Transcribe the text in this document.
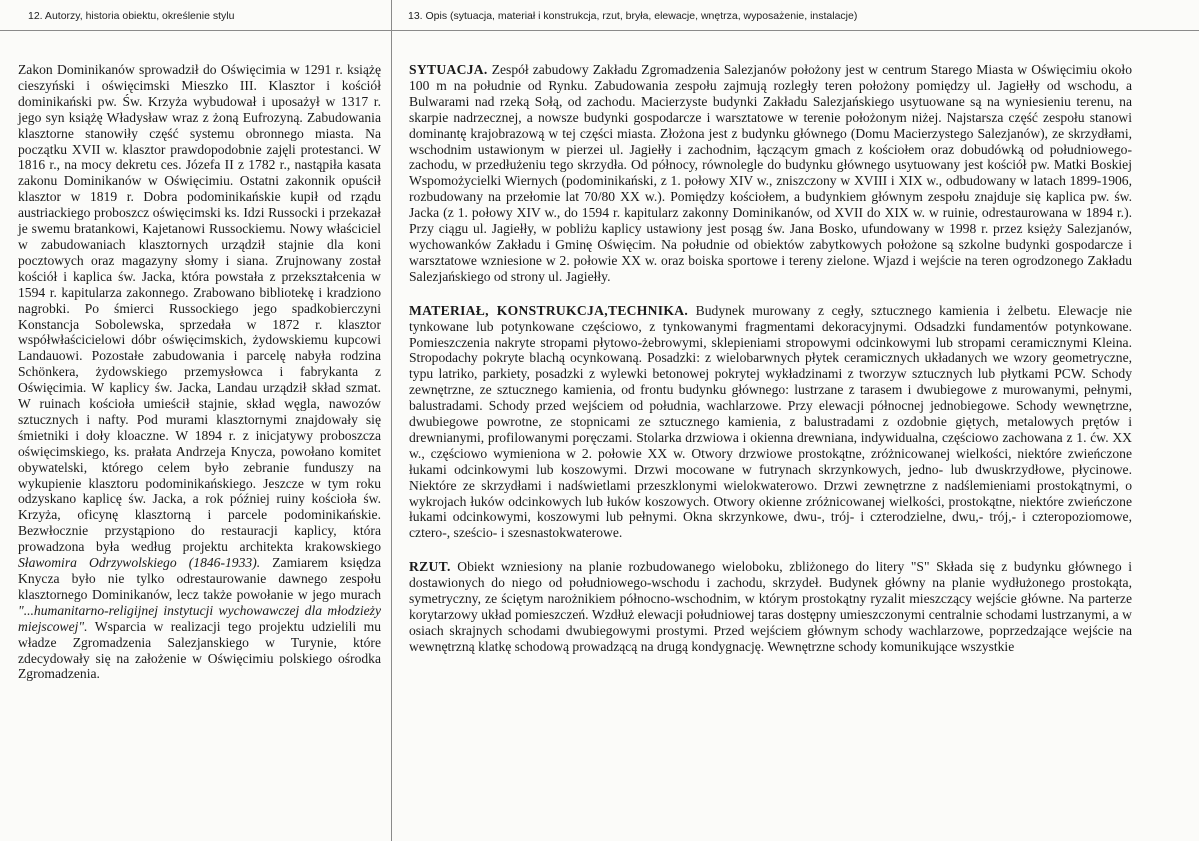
12. Autorzy, historia obiektu, określenie stylu	13. Opis (sytuacja, materiał i konstrukcja, rzut, bryła, elewacje, wnętrza, wyposażenie, instalacje)
Zakon Dominikanów sprowadził do Oświęcimia w 1291 r. książę cieszyński i oświęcimski Mieszko III. Klasztor i kościół dominikański pw. Św. Krzyża wybudował i uposażył w 1317 r. jego syn książę Władysław wraz z żoną Eufrozyną. Zabudowania klasztorne stanowiły część systemu obronnego miasta. Na początku XVII w. klasztor prawdopodobnie zajęli protestanci. W 1816 r., na mocy dekretu ces. Józefa II z 1782 r., nastąpiła kasata zakonu Dominikanów w Oświęcimiu. Ostatni zakonnik opuścił klasztor w 1819 r. Dobra podominikańskie kupił od rządu austriackiego proboszcz oświęcimski ks. Idzi Russocki i przekazał je swemu bratankowi, Kajetanowi Russockiemu. Nowy właściciel w zabudowaniach klasztornych urządził stajnie dla koni pocztowych oraz magazyny słomy i siana. Zrujnowany został kościół i kaplica św. Jacka, która powstała z przekształcenia w 1594 r. kapitularza zakonnego. Zrabowano bibliotekę i kradziono nagrobki. Po śmierci Russockiego jego spadkobierczyni Konstancja Sobolewska, sprzedała w 1872 r. klasztor współwłaścicielowi dóbr oświęcimskich, żydowskiemu kupcowi Landauowi. Pozostałe zabudowania i parcelę nabyła rodzina Schönkera, żydowskiego przemysłowca i fabrykanta z Oświęcimia. W kaplicy św. Jacka, Landau urządził skład szmat. W ruinach kościoła umieścił stajnie, skład węgla, nawozów sztucznych i nafty. Pod murami klasztornymi znajdowały się śmietniki i doły kloaczne. W 1894 r. z inicjatywy proboszcza oświęcimskiego, ks. prałata Andrzeja Knycza, powołano komitet obywatelski, którego celem było zebranie funduszy na wykupienie klasztoru podominikańskiego. Jeszcze w tym roku odzyskano kaplicę św. Jacka, a rok później ruiny kościoła św. Krzyża, oficynę klasztorną i parcele podominikańskie. Bezwłocznie przystąpiono do restauracji kaplicy, która prowadzona była według projektu architekta krakowskiego Sławomira Odrzywolskiego (1846-1933). Zamiarem księdza Knycza było nie tylko odrestaurowanie dawnego zespołu klasztornego Dominikanów, lecz także powołanie w jego murach "...humanitarno-religijnej instytucji wychowawczej dla młodzieży miejscowej". Wsparcia w realizacji tego projektu udzielili mu władze Zgromadzenia Salezjanskiego w Turynie, które zdecydowały się na założenie w Oświęcimiu polskiego ośrodka Zgromadzenia.

SYTUACJA. Zespół zabudowy Zakładu Zgromadzenia Salezjanów położony jest w centrum Starego Miasta w Oświęcimiu około 100 m na południe od Rynku. Zabudowania zespołu zajmują rozległy teren położony pomiędzy ul. Jagiełły od wschodu, a Bulwarami nad rzeką Sołą, od zachodu. Macierzyste budynki Zakładu Salezjańskiego usytuowane są na wyniesieniu terenu, na skarpie nadrzecznej, a nowsze budynki gospodarcze i warsztatowe w terenie położonym niżej. Najstarsza część zespołu stanowi dominantę krajobrazową w tej części miasta. Złożona jest z budynku głównego (Domu Macierzystego Salezjanów), ze skrzydłami, wschodnim ustawionym w pierzei ul. Jagiełły i zachodnim, łączącym gmach z kościołem oraz dobudówką od południowego-zachodu, w przedłużeniu tego skrzydła. Od północy, równolegle do budynku głównego usytuowany jest kościół pw. Matki Boskiej Wspomożycielki Wiernych (podominikański, z 1. połowy XIV w., zniszczony w XVIII i XIX w., odbudowany w latach 1899-1906, rozbudowany na przełomie lat 70/80 XX w.). Pomiędzy kościołem, a budynkiem głównym zespołu znajduje się kaplica pw. św. Jacka (z 1. połowy XIV w., do 1594 r. kapitularz zakonny Dominikanów, od XVII do XIX w. w ruinie, odrestaurowana w 1894 r.). Przy ciągu ul. Jagiełły, w pobliżu kaplicy ustawiony jest posąg św. Jana Bosko, ufundowany w 1998 r. przez księży Salezjanów, wychowanków Zakładu i Gminę Oświęcim. Na południe od obiektów zabytkowych położone są szkolne budynki gospodarcze i warsztatowe wzniesione w 2. połowie XX w. oraz boiska sportowe i tereny zielone. Wjazd i wejście na teren ogrodzonego Zakładu Salezjańskiego od strony ul. Jagiełły.

MATERIAŁ, KONSTRUKCJA,TECHNIKA. Budynek murowany z cegły, sztucznego kamienia i żelbetu. Elewacje nie tynkowane lub potynkowane częściowo, z tynkowanymi fragmentami dekoracyjnymi. Odsadzki fundamentów potynkowane. Pomieszczenia nakryte stropami płytowo-żebrowymi, sklepieniami stropowymi odcinkowymi lub stropami ceramicznymi Kleina. Stropodachy pokryte blachą ocynkowaną. Posadzki: z wielobarwnych płytek ceramicznych układanych we wzory geometryczne, typu latriko, parkiety, posadzki z wylewki betonowej pokrytej wykładzinami z tworzyw sztucznych lub płytkami PCW. Schody zewnętrzne, ze sztucznego kamienia, od frontu budynku głównego: lustrzane z tarasem i dwubiegowe z murowanymi, pełnymi, balustradami. Schody przed wejściem od południa, wachlarzowe. Przy elewacji północnej jednobiegowe. Schody wewnętrzne, dwubiegowe powrotne, ze stopnicami ze sztucznego kamienia, z balustradami z ozdobnie giętych, metalowych prętów i drewnianymi, profilowanymi poręczami. Stolarka drzwiowa i okienna drewniana, indywidualna, częściowo zachowana z 1. ćw. XX w., częściowo wymieniona w 2. połowie XX w. Otwory drzwiowe prostokątne, zróżnicowanej wielkości, niektóre zwieńczone łukami odcinkowymi lub koszowymi. Drzwi mocowane w futrynach skrzynkowych, jedno- lub dwuskrzydłowe, płycinowe. Niektóre ze skrzydłami i nadświetlami przeszklonymi wielokwaterowo. Drzwi zewnętrzne z nadślemieniami prostokątnymi, o wykrojach łuków odcinkowych lub łuków koszowych. Otwory okienne zróżnicowanej wielkości, prostokątne, niektóre zwieńczone łukami odcinkowymi, koszowymi lub pełnymi. Okna skrzynkowe, dwu-, trój- i czterodzielne, dwu,- trój,- i czteropoziomowe, cztero-, sześcio- i szesnastokwaterowe.

RZUT. Obiekt wzniesiony na planie rozbudowanego wieloboku, zbliżonego do litery "S" Składa się z budynku głównego i dostawionych do niego od południowego-wschodu i zachodu, skrzydeł. Budynek główny na planie wydłużonego prostokąta, symetryczny, ze ściętym narożnikiem północno-wschodnim, w którym prostokątny ryzalit mieszczący wejście główne. Na parterze korytarzowy układ pomieszczeń. Wzdłuż elewacji południowej taras dostępny umieszczonymi centralnie schodami lustrzanymi, a w osiach skrajnych schodami dwubiegowymi prostymi. Przed wejściem głównym schody wachlarzowe, poprzedzające wejście na wewnętrzną klatkę schodową prowadzącą na drugą kondygnację. Wewnętrzne schody komunikujące wszystkie
